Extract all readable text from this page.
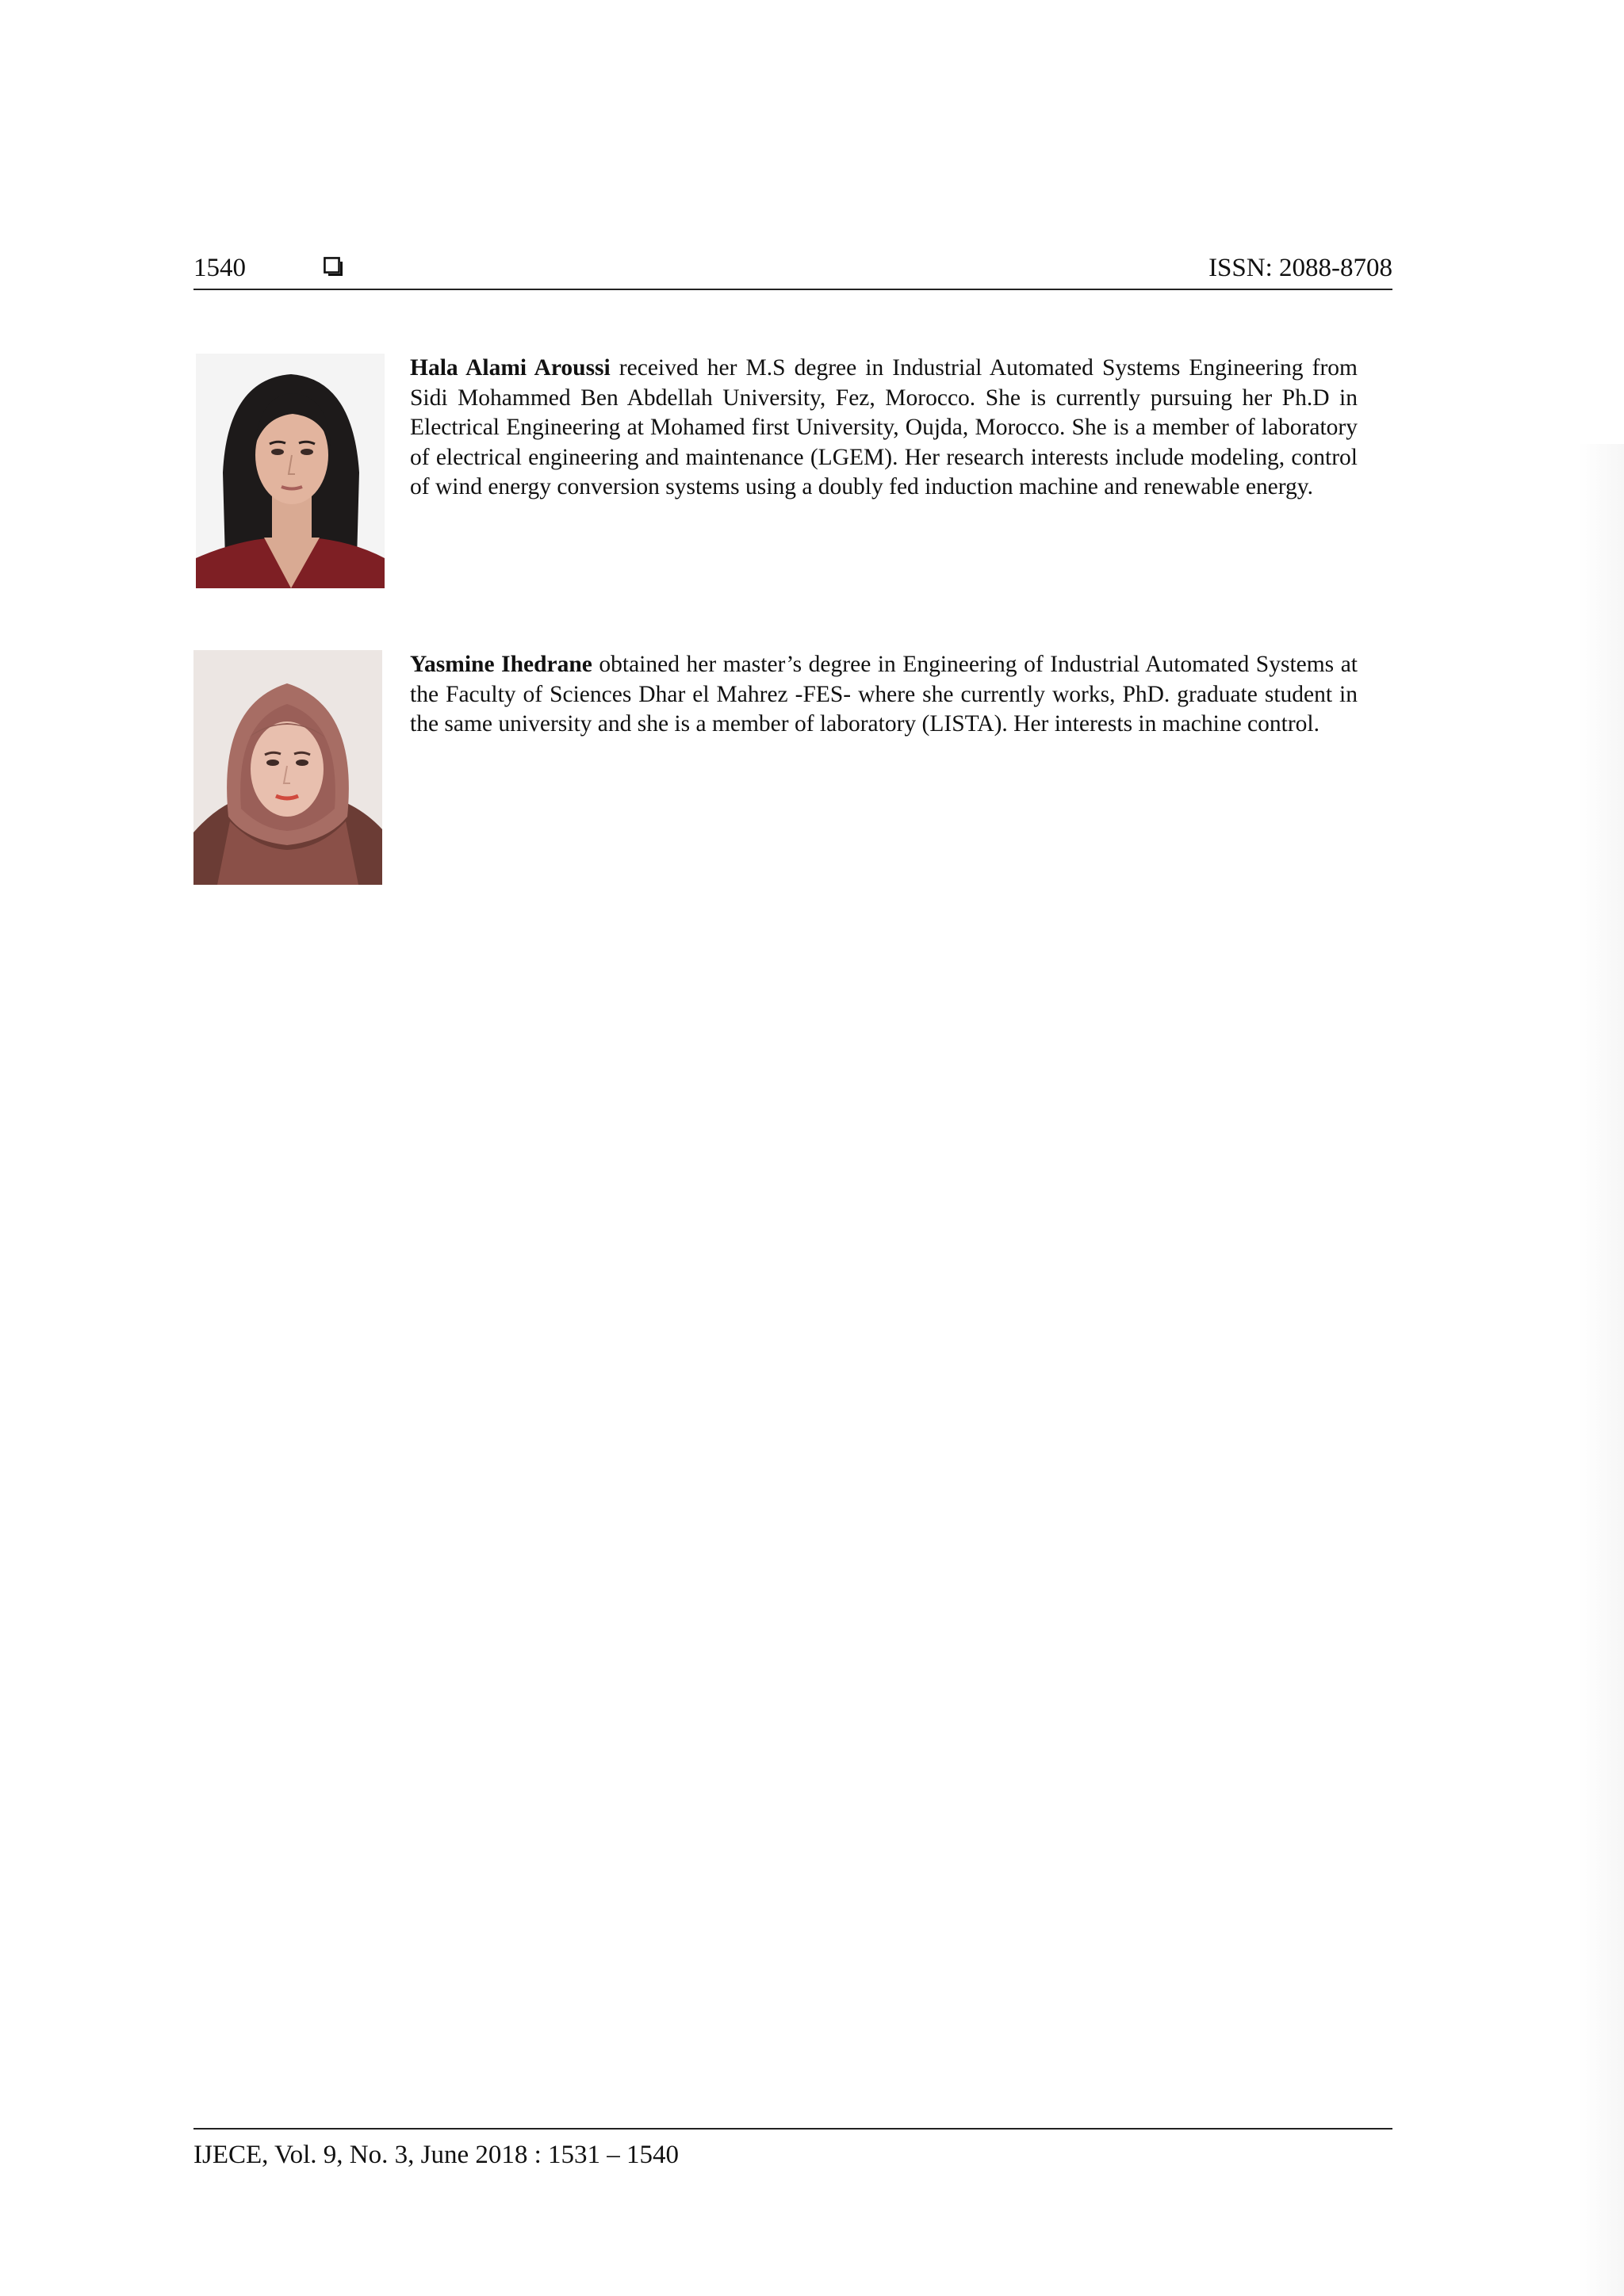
1540	ISSN: 2088-8708
Hala Alami Aroussi received her M.S degree in Industrial Automated Systems Engineering from Sidi Mohammed Ben Abdellah University, Fez, Morocco. She is currently pursuing her Ph.D in Electrical Engineering at Mohamed first University, Oujda, Morocco. She is a member of laboratory of electrical engineering and maintenance (LGEM). Her research interests include modeling, control of wind energy conversion systems using a doubly fed induction machine and renewable energy.
Yasmine Ihedrane obtained her master’s degree in Engineering of Industrial Automated Systems at the Faculty of Sciences Dhar el Mahrez -FES- where she currently works, PhD. graduate student in the same university and she is a member of laboratory (LISTA). Her interests in machine control.
IJECE, Vol. 9, No. 3, June 2018 : 1531 – 1540
